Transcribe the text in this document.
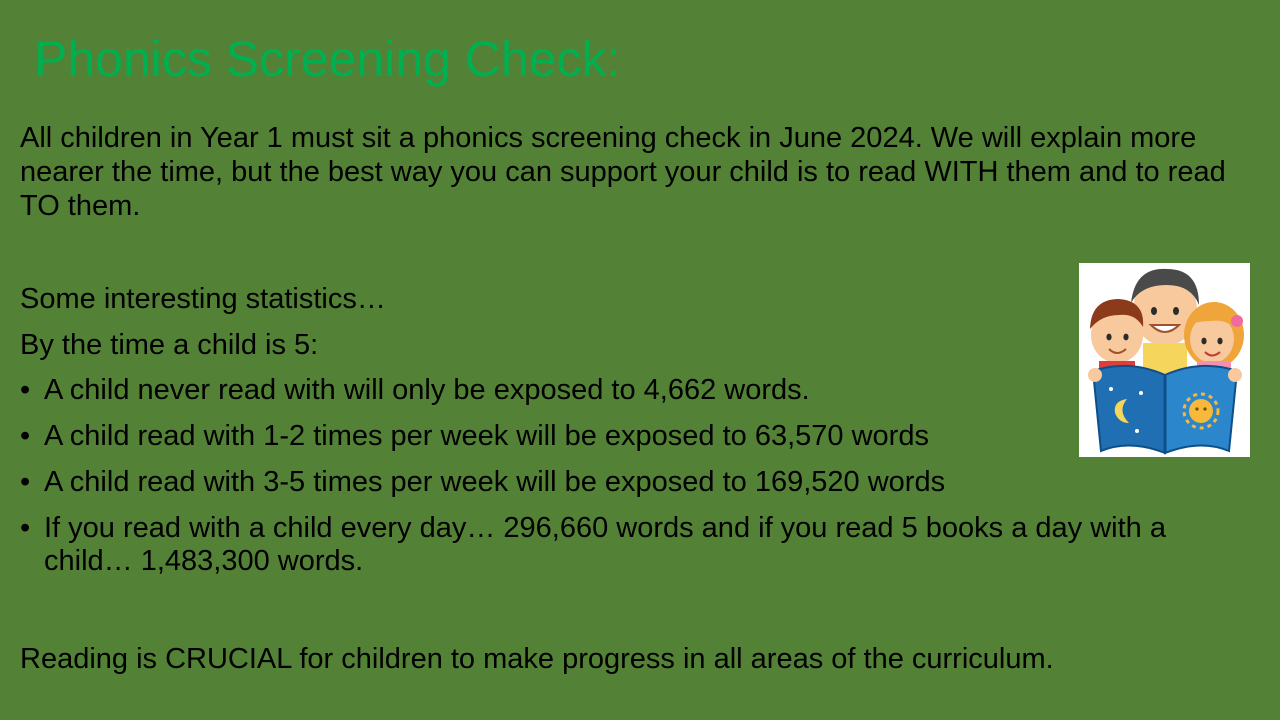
Phonics Screening Check:
All children in Year 1 must sit a phonics screening check in June 2024. We will explain more nearer the time, but the best way you can support your child is to read WITH them and to read TO them.
Some interesting statistics…
By the time a child is 5:
• A child never read with will only be exposed to 4,662 words.
• A child read with 1-2 times per week will be exposed to 63,570 words
• A child read with 3-5 times per week will be exposed to 169,520 words
• If you read with a child every day… 296,660 words and if you read 5 books a day with a child… 1,483,300 words.
Reading is CRUCIAL for children to make progress in all areas of the curriculum.
